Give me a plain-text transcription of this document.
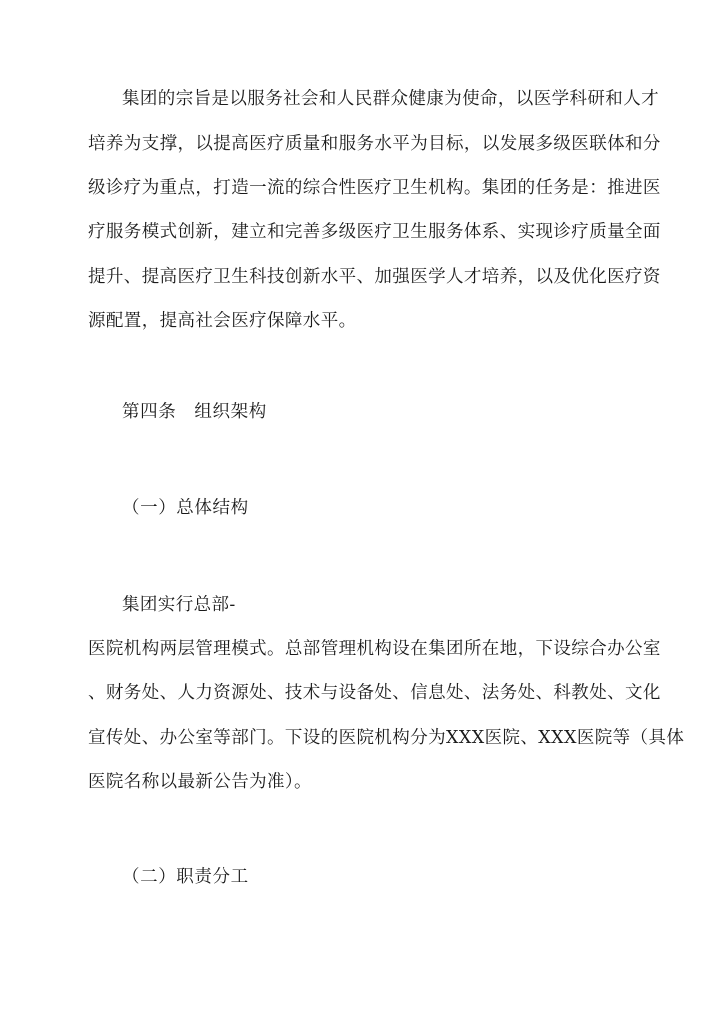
集团的宗旨是以服务社会和人民群众健康为使命，以医学科研和人才
培养为支撑，以提高医疗质量和服务水平为目标，以发展多级医联体和分
级诊疗为重点，打造一流的综合性医疗卫生机构。集团的任务是：推进医
疗服务模式创新，建立和完善多级医疗卫生服务体系、实现诊疗质量全面
提升、提高医疗卫生科技创新水平、加强医学人才培养，以及优化医疗资
源配置，提高社会医疗保障水平。
第四条　组织架构
（一）总体结构
集团实行总部-
医院机构两层管理模式。总部管理机构设在集团所在地，下设综合办公室
、财务处、人力资源处、技术与设备处、信息处、法务处、科教处、文化
宣传处、办公室等部门。下设的医院机构分为XXX医院、XXX医院等（具体
医院名称以最新公告为准）。
（二）职责分工
